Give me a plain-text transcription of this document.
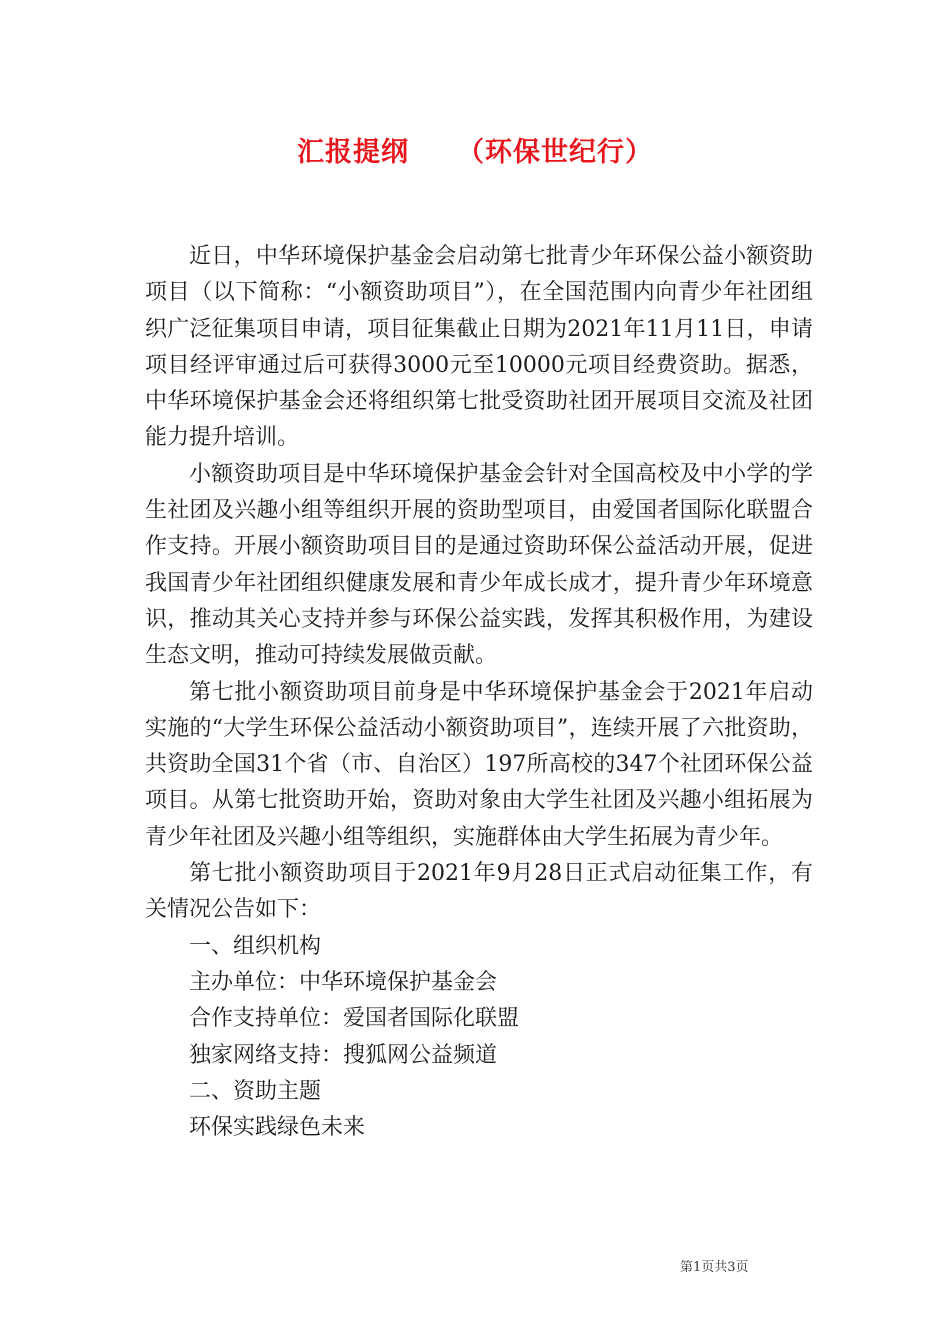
汇报提纲 （环保世纪行）

近日，中华环境保护基金会启动第七批青少年环保公益小额资助项目（以下简称：“小额资助项目”），在全国范围内向青少年社团组织广泛征集项目申请，项目征集截止日期为2021年11月11日，申请项目经评审通过后可获得3000元至10000元项目经费资助。据悉，中华环境保护基金会还将组织第七批受资助社团开展项目交流及社团能力提升培训。

小额资助项目是中华环境保护基金会针对全国高校及中小学的学生社团及兴趣小组等组织开展的资助型项目，由爱国者国际化联盟合作支持。开展小额资助项目目的是通过资助环保公益活动开展，促进我国青少年社团组织健康发展和青少年成长成才，提升青少年环境意识，推动其关心支持并参与环保公益实践，发挥其积极作用，为建设生态文明，推动可持续发展做贡献。

第七批小额资助项目前身是中华环境保护基金会于2021年启动实施的“大学生环保公益活动小额资助项目”，连续开展了六批资助，共资助全国31个省（市、自治区）197所高校的347个社团环保公益项目。从第七批资助开始，资助对象由大学生社团及兴趣小组拓展为青少年社团及兴趣小组等组织，实施群体由大学生拓展为青少年。

第七批小额资助项目于2021年9月28日正式启动征集工作，有关情况公告如下：

一、组织机构

主办单位：中华环境保护基金会

合作支持单位：爱国者国际化联盟

独家网络支持：搜狐网公益频道

二、资助主题

环保实践绿色未来

第1页共3页
